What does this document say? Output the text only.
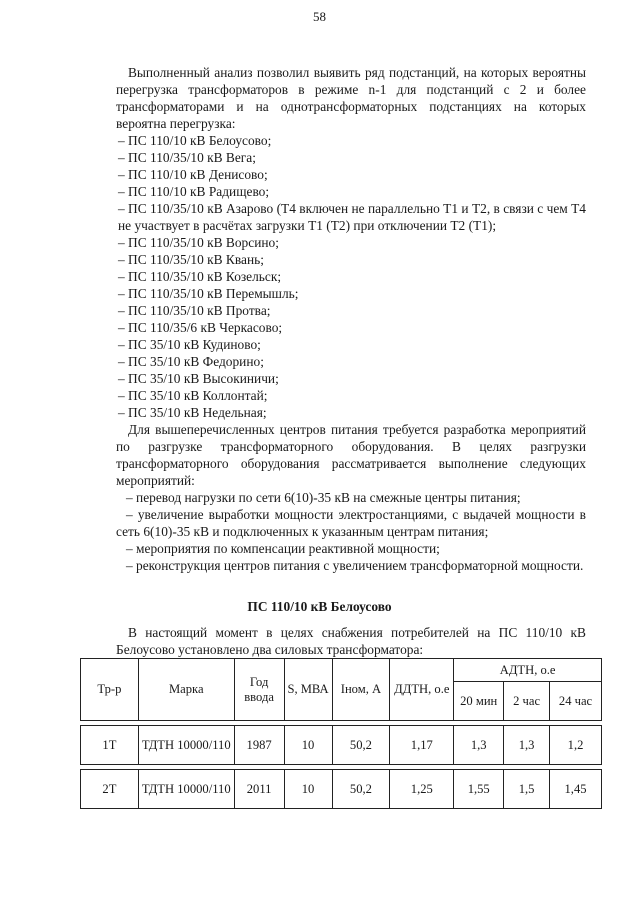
58

Выполненный анализ позволил выявить ряд подстанций, на которых вероятны перегрузка трансформаторов в режиме n-1 для подстанций с 2 и более трансформаторами и на однотрансформаторных подстанциях на которых вероятна перегрузка:

– ПС 110/10 кВ Белоусово;

– ПС 110/35/10 кВ Вега;

– ПС 110/10 кВ Денисово;

– ПС 110/10 кВ Радищево;

– ПС 110/35/10 кВ Азарово (Т4 включен не параллельно Т1 и Т2, в связи с чем Т4 не участвует в расчётах загрузки Т1 (Т2) при отключении Т2 (Т1);

– ПС 110/35/10 кВ Ворсино;

– ПС 110/35/10 кВ Квань;

– ПС 110/35/10 кВ Козельск;

– ПС 110/35/10 кВ Перемышль;

– ПС 110/35/10 кВ Протва;

– ПС 110/35/6 кВ Черкасово;

– ПС 35/10 кВ Кудиново;

– ПС 35/10 кВ Федорино;

– ПС 35/10 кВ Высокиничи;

– ПС 35/10 кВ Коллонтай;

– ПС 35/10 кВ Недельная;

Для вышеперечисленных центров питания требуется разработка мероприятий по разгрузке трансформаторного оборудования. В целях разгрузки трансформаторного оборудования рассматривается выполнение следующих мероприятий:

– перевод нагрузки по сети 6(10)-35 кВ на смежные центры питания;

– увеличение выработки мощности электростанциями, с выдачей мощности в сеть 6(10)-35 кВ и подключенных к указанным центрам питания;

– мероприятия по компенсации реактивной мощности;

– реконструкция центров питания с увеличением трансформаторной мощности.

ПС 110/10 кВ Белоусово

В настоящий момент в целях снабжения потребителей на ПС 110/10 кВ Белоусово установлено два силовых трансформатора:

Тр-р	Марка	Год ввода	S, МВА	Iном, А	ДДТН, о.е	АДТН, о.е		
						20 мин	2 час	24 час

1Т	ТДТН 10000/110	1987	10	50,2	1,17	1,3	1,3	1,2

2Т	ТДТН 10000/110	2011	10	50,2	1,25	1,55	1,5	1,45
